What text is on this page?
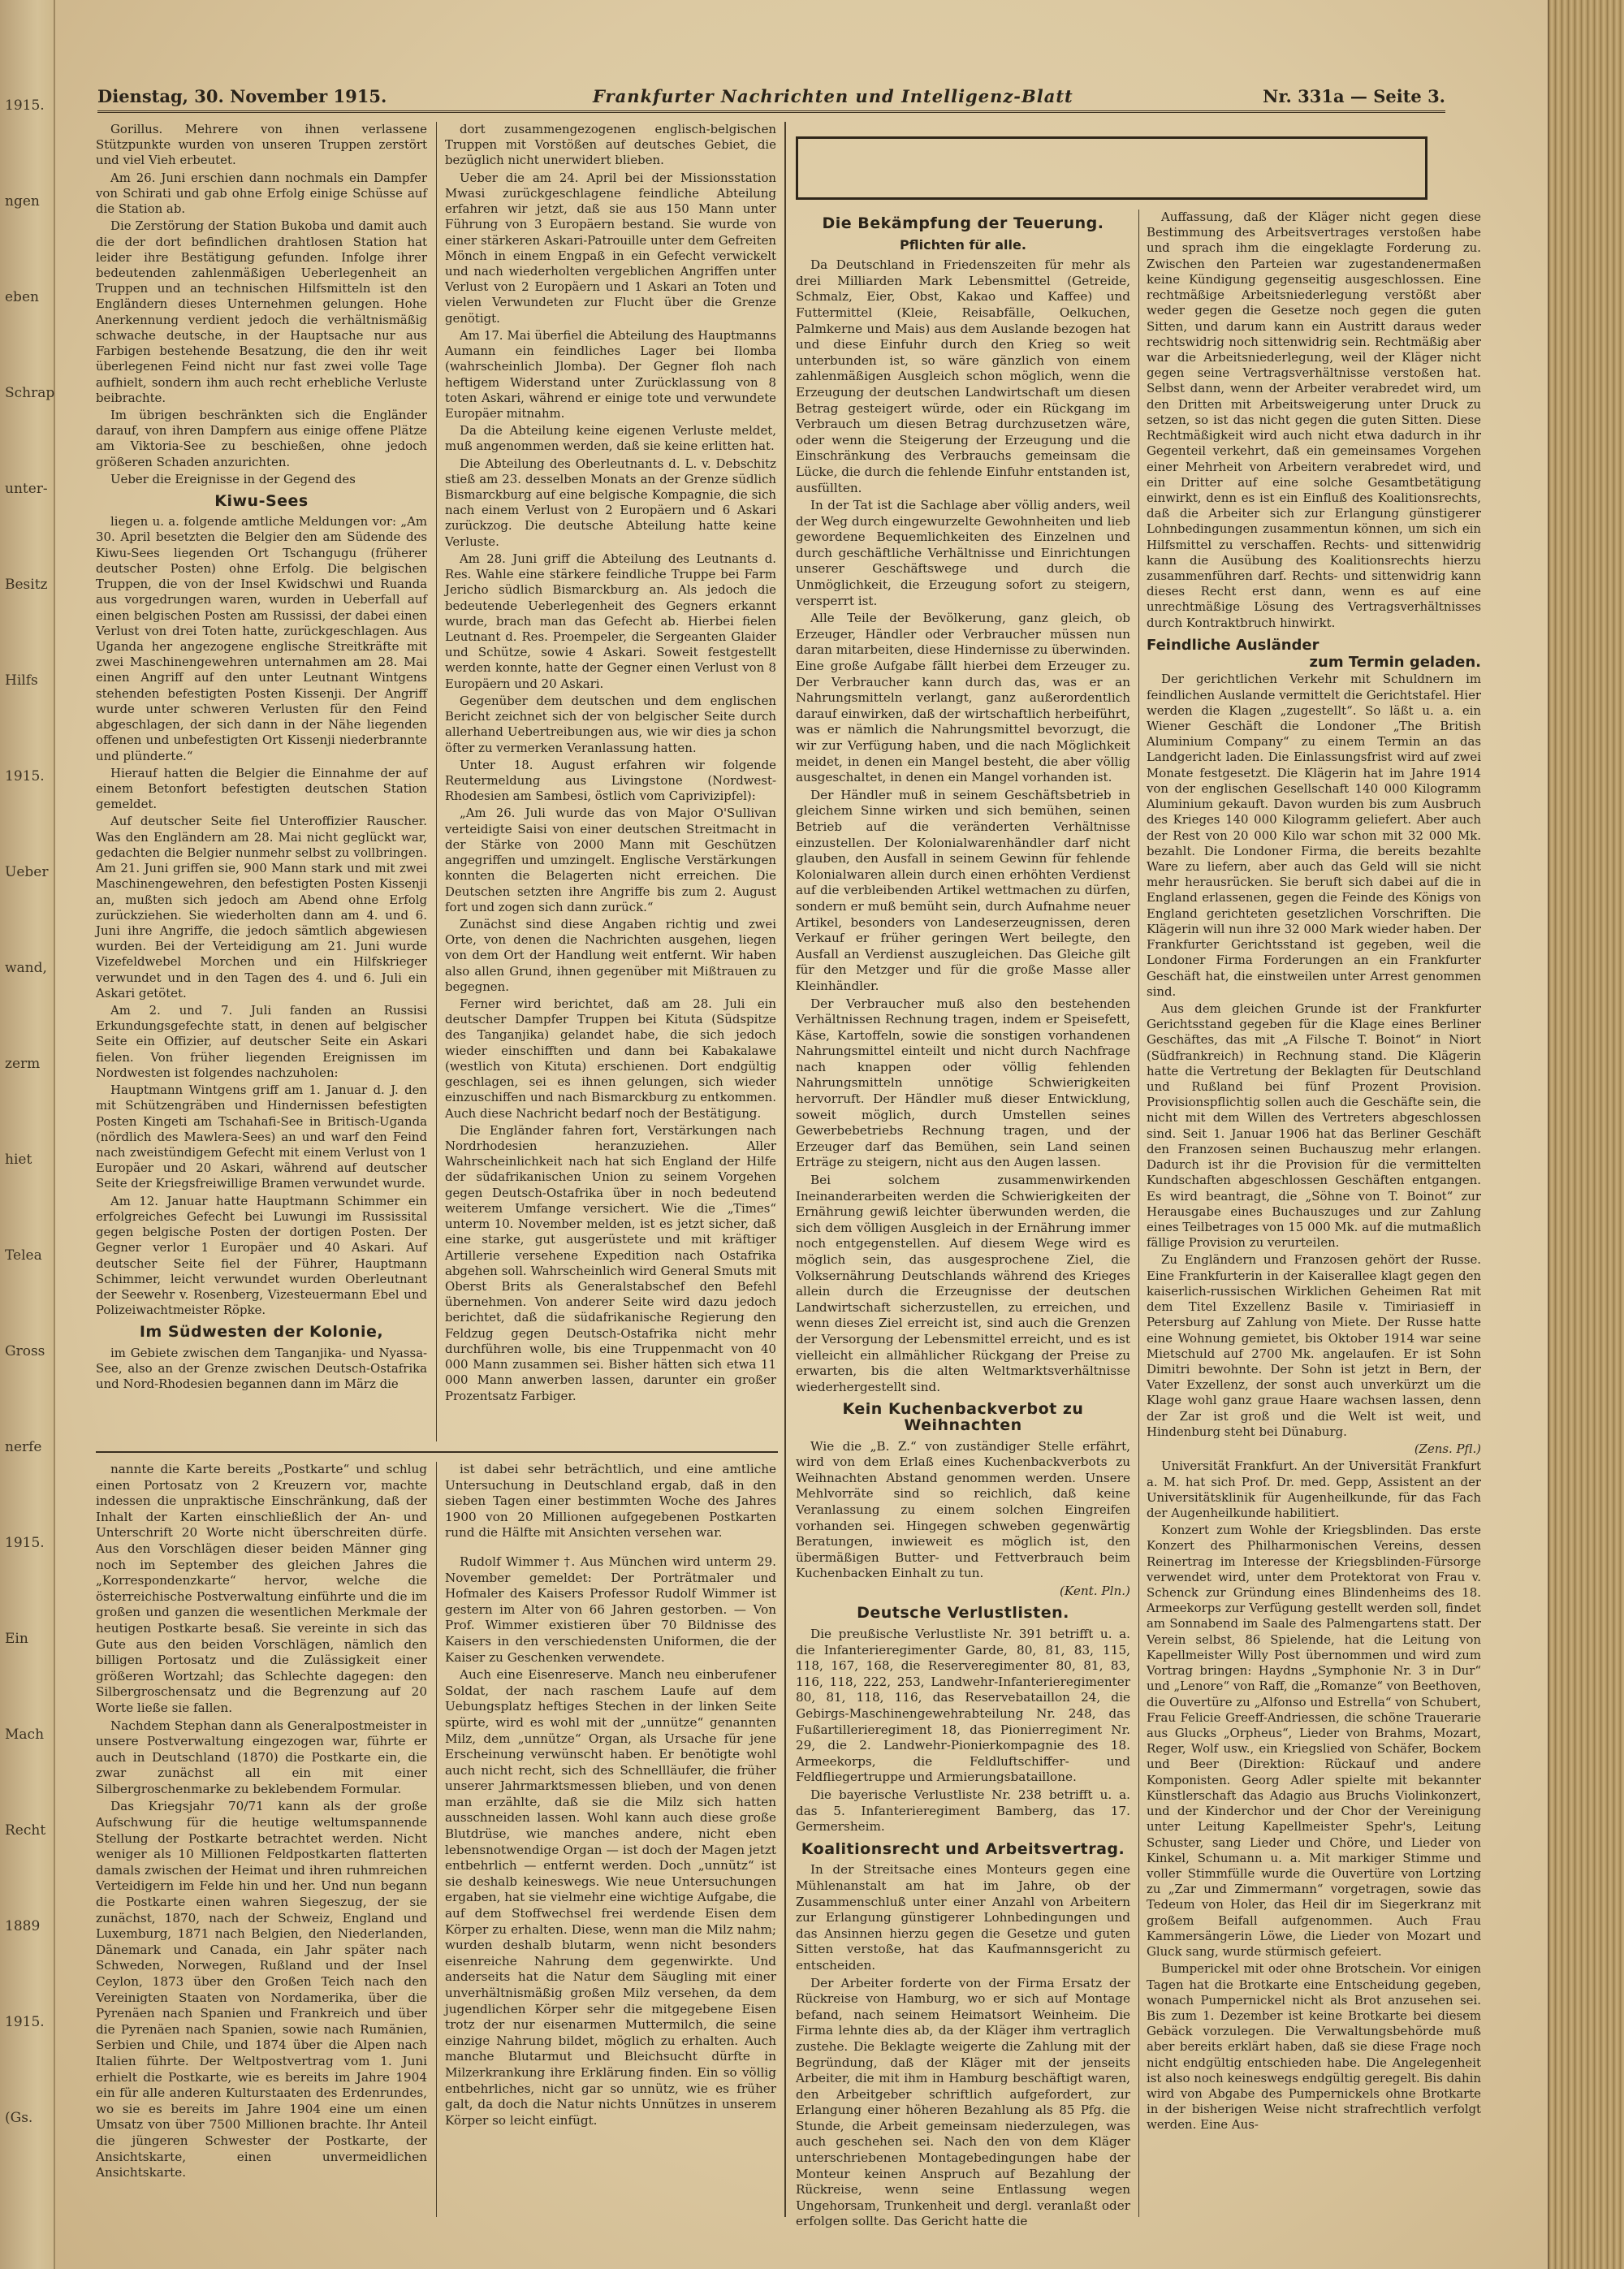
1915.
ngen
eben
Schrap
unter-
Besitz
Hilfs
1915.
Ueber
wand,
zerm
hiet
Telea
Gross
nerfe
1915.
Ein
Mach
Recht
1889
1915.
(Gs.
Dienstag, 30. November 1915.	Frankfurter Nachrichten und Intelligenz-Blatt	Nr. 331a — Seite 3.

Gorillus. Mehrere von ihnen verlassene Stützpunkte wurden von unseren Truppen zerstört und viel Vieh erbeutet.

Am 26. Juni erschien dann nochmals ein Dampfer von Schirati und gab ohne Erfolg einige Schüsse auf die Station ab.

Die Zerstörung der Station Bukoba und damit auch die der dort befindlichen drahtlosen Station hat leider ihre Bestätigung gefunden. Infolge ihrer bedeutenden zahlenmäßigen Ueberlegenheit an Truppen und an technischen Hilfsmitteln ist den Engländern dieses Unternehmen gelungen. Hohe Anerkennung verdient jedoch die verhältnismäßig schwache deutsche, in der Hauptsache nur aus Farbigen bestehende Besatzung, die den ihr weit überlegenen Feind nicht nur fast zwei volle Tage aufhielt, sondern ihm auch recht erhebliche Verluste beibrachte.

Im übrigen beschränkten sich die Engländer darauf, von ihren Dampfern aus einige offene Plätze am Viktoria-See zu beschießen, ohne jedoch größeren Schaden anzurichten.

Ueber die Ereignisse in der Gegend des

Kiwu-Sees

liegen u. a. folgende amtliche Meldungen vor: „Am 30. April besetzten die Belgier den am Südende des Kiwu-Sees liegenden Ort Tschangugu (früherer deutscher Posten) ohne Erfolg. Die belgischen Truppen, die von der Insel Kwidschwi und Ruanda aus vorgedrungen waren, wurden in Ueberfall auf einen belgischen Posten am Russissi, der dabei einen Verlust von drei Toten hatte, zurückgeschlagen. Aus Uganda her angezogene englische Streitkräfte mit zwei Maschinengewehren unternahmen am 28. Mai einen Angriff auf den unter Leutnant Wintgens stehenden befestigten Posten Kissenji. Der Angriff wurde unter schweren Verlusten für den Feind abgeschlagen, der sich dann in der Nähe liegenden offenen und unbefestigten Ort Kissenji niederbrannte und plünderte.“

Hierauf hatten die Belgier die Einnahme der auf einem Betonfort befestigten deutschen Station gemeldet.

Auf deutscher Seite fiel Unteroffizier Rauscher. Was den Engländern am 28. Mai nicht geglückt war, gedachten die Belgier nunmehr selbst zu vollbringen. Am 21. Juni griffen sie, 900 Mann stark und mit zwei Maschinengewehren, den befestigten Posten Kissenji an, mußten sich jedoch am Abend ohne Erfolg zurückziehen. Sie wiederholten dann am 4. und 6. Juni ihre Angriffe, die jedoch sämtlich abgewiesen wurden. Bei der Verteidigung am 21. Juni wurde Vizefeldwebel Morchen und ein Hilfskrieger verwundet und in den Tagen des 4. und 6. Juli ein Askari getötet.

Am 2. und 7. Juli fanden an Russisi Erkundungsgefechte statt, in denen auf belgischer Seite ein Offizier, auf deutscher Seite ein Askari fielen. Von früher liegenden Ereignissen im Nordwesten ist folgendes nachzuholen:

Hauptmann Wintgens griff am 1. Januar d. J. den mit Schützengräben und Hindernissen befestigten Posten Kingeti am Tschahafi-See in Britisch-Uganda (nördlich des Mawlera-Sees) an und warf den Feind nach zweistündigem Gefecht mit einem Verlust von 1 Europäer und 20 Askari, während auf deutscher Seite der Kriegsfreiwillige Bramen verwundet wurde.

Am 12. Januar hatte Hauptmann Schimmer ein erfolgreiches Gefecht bei Luwungi im Russissital gegen belgische Posten der dortigen Posten. Der Gegner verlor 1 Europäer und 40 Askari. Auf deutscher Seite fiel der Führer, Hauptmann Schimmer, leicht verwundet wurden Oberleutnant der Seewehr v. Rosenberg, Vizesteuermann Ebel und Polizeiwachtmeister Röpke.

Im Südwesten der Kolonie,

im Gebiete zwischen dem Tanganjika- und Nyassa-See, also an der Grenze zwischen Deutsch-Ostafrika und Nord-Rhodesien begannen dann im März die

dort zusammengezogenen englisch-belgischen Truppen mit Vorstößen auf deutsches Gebiet, die bezüglich nicht unerwidert blieben.

Ueber die am 24. April bei der Missionsstation Mwasi zurückgeschlagene feindliche Abteilung erfahren wir jetzt, daß sie aus 150 Mann unter Führung von 3 Europäern bestand. Sie wurde von einer stärkeren Askari-Patrouille unter dem Gefreiten Mönch in einem Engpaß in ein Gefecht verwickelt und nach wiederholten vergeblichen Angriffen unter Verlust von 2 Europäern und 1 Askari an Toten und vielen Verwundeten zur Flucht über die Grenze genötigt.

Am 17. Mai überfiel die Abteilung des Hauptmanns Aumann ein feindliches Lager bei Ilomba (wahrscheinlich Jlomba). Der Gegner floh nach heftigem Widerstand unter Zurücklassung von 8 toten Askari, während er einige tote und verwundete Europäer mitnahm.

Da die Abteilung keine eigenen Verluste meldet, muß angenommen werden, daß sie keine erlitten hat.

Die Abteilung des Oberleutnants d. L. v. Debschitz stieß am 23. desselben Monats an der Grenze südlich Bismarckburg auf eine belgische Kompagnie, die sich nach einem Verlust von 2 Europäern und 6 Askari zurückzog. Die deutsche Abteilung hatte keine Verluste.

Am 28. Juni griff die Abteilung des Leutnants d. Res. Wahle eine stärkere feindliche Truppe bei Farm Jericho südlich Bismarckburg an. Als jedoch die bedeutende Ueberlegenheit des Gegners erkannt wurde, brach man das Gefecht ab. Hierbei fielen Leutnant d. Res. Proempeler, die Sergeanten Glaider und Schütze, sowie 4 Askari. Soweit festgestellt werden konnte, hatte der Gegner einen Verlust von 8 Europäern und 20 Askari.

Gegenüber dem deutschen und dem englischen Bericht zeichnet sich der von belgischer Seite durch allerhand Uebertreibungen aus, wie wir dies ja schon öfter zu vermerken Veranlassung hatten.

Unter 18. August erfahren wir folgende Reutermeldung aus Livingstone (Nordwest-Rhodesien am Sambesi, östlich vom Caprivizipfel):

„Am 26. Juli wurde das von Major O'Sullivan verteidigte Saisi von einer deutschen Streitmacht in der Stärke von 2000 Mann mit Geschützen angegriffen und umzingelt. Englische Verstärkungen konnten die Belagerten nicht erreichen. Die Deutschen setzten ihre Angriffe bis zum 2. August fort und zogen sich dann zurück.“

Zunächst sind diese Angaben richtig und zwei Orte, von denen die Nachrichten ausgehen, liegen von dem Ort der Handlung weit entfernt. Wir haben also allen Grund, ihnen gegenüber mit Mißtrauen zu begegnen.

Ferner wird berichtet, daß am 28. Juli ein deutscher Dampfer Truppen bei Kituta (Südspitze des Tanganjika) gelandet habe, die sich jedoch wieder einschifften und dann bei Kabakalawe (westlich von Kituta) erschienen. Dort endgültig geschlagen, sei es ihnen gelungen, sich wieder einzuschiffen und nach Bismarckburg zu entkommen. Auch diese Nachricht bedarf noch der Bestätigung.

Die Engländer fahren fort, Verstärkungen nach Nordrhodesien heranzuziehen. Aller Wahrscheinlichkeit nach hat sich England der Hilfe der südafrikanischen Union zu seinem Vorgehen gegen Deutsch-Ostafrika über in noch bedeutend weiterem Umfange versichert. Wie die „Times“ unterm 10. November melden, ist es jetzt sicher, daß eine starke, gut ausgerüstete und mit kräftiger Artillerie versehene Expedition nach Ostafrika abgehen soll. Wahrscheinlich wird General Smuts mit Oberst Brits als Generalstabschef den Befehl übernehmen. Von anderer Seite wird dazu jedoch berichtet, daß die südafrikanische Regierung den Feldzug gegen Deutsch-Ostafrika nicht mehr durchführen wolle, bis eine Truppenmacht von 40 000 Mann zusammen sei. Bisher hätten sich etwa 11 000 Mann anwerben lassen, darunter ein großer Prozentsatz Farbiger.

nannte die Karte bereits „Postkarte“ und schlug einen Portosatz von 2 Kreuzern vor, machte indessen die unpraktische Einschränkung, daß der Inhalt der Karten einschließlich der An- und Unterschrift 20 Worte nicht überschreiten dürfe. Aus den Vorschlägen dieser beiden Männer ging noch im September des gleichen Jahres die „Korrespondenzkarte“ hervor, welche die österreichische Postverwaltung einführte und die im großen und ganzen die wesentlichen Merkmale der heutigen Postkarte besaß. Sie vereinte in sich das Gute aus den beiden Vorschlägen, nämlich den billigen Portosatz und die Zulässigkeit einer größeren Wortzahl; das Schlechte dagegen: den Silbergroschensatz und die Begrenzung auf 20 Worte ließe sie fallen.

Nachdem Stephan dann als Generalpostmeister in unsere Postverwaltung eingezogen war, führte er auch in Deutschland (1870) die Postkarte ein, die zwar zunächst all ein mit einer Silbergroschenmarke zu beklebendem Formular.

Das Kriegsjahr 70/71 kann als der große Aufschwung für die heutige weltumspannende Stellung der Postkarte betrachtet werden. Nicht weniger als 10 Millionen Feldpostkarten flatterten damals zwischen der Heimat und ihren ruhmreichen Verteidigern im Felde hin und her. Und nun begann die Postkarte einen wahren Siegeszug, der sie zunächst, 1870, nach der Schweiz, England und Luxemburg, 1871 nach Belgien, den Niederlanden, Dänemark und Canada, ein Jahr später nach Schweden, Norwegen, Rußland und der Insel Ceylon, 1873 über den Großen Teich nach den Vereinigten Staaten von Nordamerika, über die Pyrenäen nach Spanien und Frankreich und über die Pyrenäen nach Spanien, sowie nach Rumänien, Serbien und Chile, und 1874 über die Alpen nach Italien führte. Der Weltpostvertrag vom 1. Juni erhielt die Postkarte, wie es bereits im Jahre 1904 ein für alle anderen Kulturstaaten des Erdenrundes, wo sie es bereits im Jahre 1904 eine um einen Umsatz von über 7500 Millionen brachte. Ihr Anteil die jüngeren Schwester der Postkarte, der Ansichtskarte, einen unvermeidlichen Ansichtskarte.

ist dabei sehr beträchtlich, und eine amtliche Untersuchung in Deutschland ergab, daß in den sieben Tagen einer bestimmten Woche des Jahres 1900 von 20 Millionen aufgegebenen Postkarten rund die Hälfte mit Ansichten versehen war.

Rudolf Wimmer †. Aus München wird unterm 29. November gemeldet: Der Porträtmaler und Hofmaler des Kaisers Professor Rudolf Wimmer ist gestern im Alter von 66 Jahren gestorben. — Von Prof. Wimmer existieren über 70 Bildnisse des Kaisers in den verschiedensten Uniformen, die der Kaiser zu Geschenken verwendete.

Auch eine Eisenreserve. Manch neu einberufener Soldat, der nach raschem Laufe auf dem Uebungsplatz heftiges Stechen in der linken Seite spürte, wird es wohl mit der „unnütze“ genannten Milz, dem „unnütze“ Organ, als Ursache für jene Erscheinung verwünscht haben. Er benötigte wohl auch nicht recht, sich des Schnellläufer, die früher unserer Jahrmarktsmessen blieben, und von denen man erzählte, daß sie die Milz sich hatten ausschneiden lassen. Wohl kann auch diese große Blutdrüse, wie manches andere, nicht eben lebensnotwendige Organ — ist doch der Magen jetzt entbehrlich — entfernt werden. Doch „unnütz“ ist sie deshalb keineswegs. Wie neue Untersuchungen ergaben, hat sie vielmehr eine wichtige Aufgabe, die auf dem Stoffwechsel frei werdende Eisen dem Körper zu erhalten. Diese, wenn man die Milz nahm; wurden deshalb blutarm, wenn nicht besonders eisenreiche Nahrung dem gegenwirkte. Und anderseits hat die Natur dem Säugling mit einer unverhältnismäßig großen Milz versehen, da dem jugendlichen Körper sehr die mitgegebene Eisen trotz der nur eisenarmen Muttermilch, die seine einzige Nahrung bildet, möglich zu erhalten. Auch manche Blutarmut und Bleichsucht dürfte in Milzerkrankung ihre Erklärung finden. Ein so völlig entbehrliches, nicht gar so unnütz, wie es früher galt, da doch die Natur nichts Unnützes in unserem Körper so leicht einfügt.

Die Bekämpfung der Teuerung.
Pflichten für alle.

Da Deutschland in Friedenszeiten für mehr als drei Milliarden Mark Lebensmittel (Getreide, Schmalz, Eier, Obst, Kakao und Kaffee) und Futtermittel (Kleie, Reisabfälle, Oelkuchen, Palmkerne und Mais) aus dem Auslande bezogen hat und diese Einfuhr durch den Krieg so weit unterbunden ist, so wäre gänzlich von einem zahlenmäßigen Ausgleich schon möglich, wenn die Erzeugung der deutschen Landwirtschaft um diesen Betrag gesteigert würde, oder ein Rückgang im Verbrauch um diesen Betrag durchzusetzen wäre, oder wenn die Steigerung der Erzeugung und die Einschränkung des Verbrauchs gemeinsam die Lücke, die durch die fehlende Einfuhr entstanden ist, ausfüllten.

In der Tat ist die Sachlage aber völlig anders, weil der Weg durch eingewurzelte Gewohnheiten und lieb gewordene Bequemlichkeiten des Einzelnen und durch geschäftliche Verhältnisse und Einrichtungen unserer Geschäftswege und durch die Unmöglichkeit, die Erzeugung sofort zu steigern, versperrt ist.

Alle Teile der Bevölkerung, ganz gleich, ob Erzeuger, Händler oder Verbraucher müssen nun daran mitarbeiten, diese Hindernisse zu überwinden. Eine große Aufgabe fällt hierbei dem Erzeuger zu. Der Verbraucher kann durch das, was er an Nahrungsmitteln verlangt, ganz außerordentlich darauf einwirken, daß der wirtschaftlich herbeiführt, was er nämlich die Nahrungsmittel bevorzugt, die wir zur Verfügung haben, und die nach Möglichkeit meidet, in denen ein Mangel besteht, die aber völlig ausgeschaltet, in denen ein Mangel vorhanden ist.

Der Händler muß in seinem Geschäftsbetrieb in gleichem Sinne wirken und sich bemühen, seinen Betrieb auf die veränderten Verhältnisse einzustellen. Der Kolonialwarenhändler darf nicht glauben, den Ausfall in seinem Gewinn für fehlende Kolonialwaren allein durch einen erhöhten Verdienst auf die verbleibenden Artikel wettmachen zu dürfen, sondern er muß bemüht sein, durch Aufnahme neuer Artikel, besonders von Landeserzeugnissen, deren Verkauf er früher geringen Wert beilegte, den Ausfall an Verdienst auszugleichen. Das Gleiche gilt für den Metzger und für die große Masse aller Kleinhändler.

Der Verbraucher muß also den bestehenden Verhältnissen Rechnung tragen, indem er Speisefett, Käse, Kartoffeln, sowie die sonstigen vorhandenen Nahrungsmittel einteilt und nicht durch Nachfrage nach knappen oder völlig fehlenden Nahrungsmitteln unnötige Schwierigkeiten hervorruft. Der Händler muß dieser Entwicklung, soweit möglich, durch Umstellen seines Gewerbebetriebs Rechnung tragen, und der Erzeuger darf das Bemühen, sein Land seinen Erträge zu steigern, nicht aus den Augen lassen.

Bei solchem zusammenwirkenden Ineinanderarbeiten werden die Schwierigkeiten der Ernährung gewiß leichter überwunden werden, die sich dem völligen Ausgleich in der Ernährung immer noch entgegenstellen. Auf diesem Wege wird es möglich sein, das ausgesprochene Ziel, die Volksernährung Deutschlands während des Krieges allein durch die Erzeugnisse der deutschen Landwirtschaft sicherzustellen, zu erreichen, und wenn dieses Ziel erreicht ist, sind auch die Grenzen der Versorgung der Lebensmittel erreicht, und es ist vielleicht ein allmählicher Rückgang der Preise zu erwarten, bis die alten Weltmarktsverhältnisse wiederhergestellt sind.

Kein Kuchenbackverbot zu Weihnachten

Wie die „B. Z.“ von zuständiger Stelle erfährt, wird von dem Erlaß eines Kuchenbackverbots zu Weihnachten Abstand genommen werden. Unsere Mehlvorräte sind so reichlich, daß keine Veranlassung zu einem solchen Eingreifen vorhanden sei. Hingegen schweben gegenwärtig Beratungen, inwieweit es möglich ist, den übermäßigen Butter- und Fettverbrauch beim Kuchenbacken Einhalt zu tun.

(Kent. Pln.)

Deutsche Verlustlisten.

Die preußische Verlustliste Nr. 391 betrifft u. a. die Infanterieregimenter Garde, 80, 81, 83, 115, 118, 167, 168, die Reserveregimenter 80, 81, 83, 116, 118, 222, 253, Landwehr-Infanterieregimenter 80, 81, 118, 116, das Reservebataillon 24, die Gebirgs-Maschinengewehrabteilung Nr. 248, das Fußartillerieregiment 18, das Pionierregiment Nr. 29, die 2. Landwehr-Pionierkompagnie des 18. Armeekorps, die Feldluftschiffer- und Feldfliegertruppe und Armierungsbataillone.

Die bayerische Verlustliste Nr. 238 betrifft u. a. das 5. Infanterieregiment Bamberg, das 17. Germersheim.

Koalitionsrecht und Arbeitsvertrag.

In der Streitsache eines Monteurs gegen eine Mühlenanstalt am hat im Jahre, ob der Zusammenschluß unter einer Anzahl von Arbeitern zur Erlangung günstigerer Lohnbedingungen und das Ansinnen hierzu gegen die Gesetze und guten Sitten verstoße, hat das Kaufmannsgericht zu entscheiden.

Der Arbeiter forderte von der Firma Ersatz der Rückreise von Hamburg, wo er sich auf Montage befand, nach seinem Heimatsort Weinheim. Die Firma lehnte dies ab, da der Kläger ihm vertraglich zustehe. Die Beklagte weigerte die Zahlung mit der Begründung, daß der Kläger mit der jenseits Arbeiter, die mit ihm in Hamburg beschäftigt waren, den Arbeitgeber schriftlich aufgefordert, zur Erlangung einer höheren Bezahlung als 85 Pfg. die Stunde, die Arbeit gemeinsam niederzulegen, was auch geschehen sei. Nach den von dem Kläger unterschriebenen Montagebedingungen habe der Monteur keinen Anspruch auf Bezahlung der Rückreise, wenn seine Entlassung wegen Ungehorsam, Trunkenheit und dergl. veranlaßt oder erfolgen sollte. Das Gericht hatte die

Auffassung, daß der Kläger nicht gegen diese Bestimmung des Arbeitsvertrages verstoßen habe und sprach ihm die eingeklagte Forderung zu. Zwischen den Parteien war zugestandenermaßen keine Kündigung gegenseitig ausgeschlossen. Eine rechtmäßige Arbeitsniederlegung verstößt aber weder gegen die Gesetze noch gegen die guten Sitten, und darum kann ein Austritt daraus weder rechtswidrig noch sittenwidrig sein. Rechtmäßig aber war die Arbeitsniederlegung, weil der Kläger nicht gegen seine Vertragsverhältnisse verstoßen hat. Selbst dann, wenn der Arbeiter verabredet wird, um den Dritten mit Arbeitsweigerung unter Druck zu setzen, so ist das nicht gegen die guten Sitten. Diese Rechtmäßigkeit wird auch nicht etwa dadurch in ihr Gegenteil verkehrt, daß ein gemeinsames Vorgehen einer Mehrheit von Arbeitern verabredet wird, und ein Dritter auf eine solche Gesamtbetätigung einwirkt, denn es ist ein Einfluß des Koalitionsrechts, daß die Arbeiter sich zur Erlangung günstigerer Lohnbedingungen zusammentun können, um sich ein Hilfsmittel zu verschaffen. Rechts- und sittenwidrig kann die Ausübung des Koalitionsrechts hierzu zusammenführen darf. Rechts- und sittenwidrig kann dieses Recht erst dann, wenn es auf eine unrechtmäßige Lösung des Vertragsverhältnisses durch Kontraktbruch hinwirkt.

Feindliche Ausländer
zum Termin geladen.

Der gerichtlichen Verkehr mit Schuldnern im feindlichen Auslande vermittelt die Gerichtstafel. Hier werden die Klagen „zugestellt“. So läßt u. a. ein Wiener Geschäft die Londoner „The British Aluminium Company“ zu einem Termin an das Landgericht laden. Die Einlassungsfrist wird auf zwei Monate festgesetzt. Die Klägerin hat im Jahre 1914 von der englischen Gesellschaft 140 000 Kilogramm Aluminium gekauft. Davon wurden bis zum Ausbruch des Krieges 140 000 Kilogramm geliefert. Aber auch der Rest von 20 000 Kilo war schon mit 32 000 Mk. bezahlt. Die Londoner Firma, die bereits bezahlte Ware zu liefern, aber auch das Geld will sie nicht mehr herausrücken. Sie beruft sich dabei auf die in England erlassenen, gegen die Feinde des Königs von England gerichteten gesetzlichen Vorschriften. Die Klägerin will nun ihre 32 000 Mark wieder haben. Der Frankfurter Gerichtsstand ist gegeben, weil die Londoner Firma Forderungen an ein Frankfurter Geschäft hat, die einstweilen unter Arrest genommen sind.

Aus dem gleichen Grunde ist der Frankfurter Gerichtsstand gegeben für die Klage eines Berliner Geschäftes, das mit „A Filsche T. Boinot“ in Niort (Südfrankreich) in Rechnung stand. Die Klägerin hatte die Vertretung der Beklagten für Deutschland und Rußland bei fünf Prozent Provision. Provisionspflichtig sollen auch die Geschäfte sein, die nicht mit dem Willen des Vertreters abgeschlossen sind. Seit 1. Januar 1906 hat das Berliner Geschäft den Franzosen seinen Buchauszug mehr erlangen. Dadurch ist ihr die Provision für die vermittelten Kundschaften abgeschlossen Geschäften entgangen. Es wird beantragt, die „Söhne von T. Boinot“ zur Herausgabe eines Buchauszuges und zur Zahlung eines Teilbetrages von 15 000 Mk. auf die mutmaßlich fällige Provision zu verurteilen.

Zu Engländern und Franzosen gehört der Russe. Eine Frankfurterin in der Kaiserallee klagt gegen den kaiserlich-russischen Wirklichen Geheimen Rat mit dem Titel Exzellenz Basile v. Timiriasieff in Petersburg auf Zahlung von Miete. Der Russe hatte eine Wohnung gemietet, bis Oktober 1914 war seine Mietschuld auf 2700 Mk. angelaufen. Er ist Sohn Dimitri bewohnte. Der Sohn ist jetzt in Bern, der Vater Exzellenz, der sonst auch unverkürzt um die Klage wohl ganz graue Haare wachsen lassen, denn der Zar ist groß und die Welt ist weit, und Hindenburg steht bei Dünaburg.

(Zens. Pfl.)

Universität Frankfurt. An der Universität Frankfurt a. M. hat sich Prof. Dr. med. Gepp, Assistent an der Universitätsklinik für Augenheilkunde, für das Fach der Augenheilkunde habilitiert.

Konzert zum Wohle der Kriegsblinden. Das erste Konzert des Philharmonischen Vereins, dessen Reinertrag im Interesse der Kriegsblinden-Fürsorge verwendet wird, unter dem Protektorat von Frau v. Schenck zur Gründung eines Blindenheims des 18. Armeekorps zur Verfügung gestellt werden soll, findet am Sonnabend im Saale des Palmengartens statt. Der Verein selbst, 86 Spielende, hat die Leitung von Kapellmeister Willy Post übernommen und wird zum Vortrag bringen: Haydns „Symphonie Nr. 3 in Dur“ und „Lenore“ von Raff, die „Romanze“ von Beethoven, die Ouvertüre zu „Alfonso und Estrella“ von Schubert, Frau Felicie Greeff-Andriessen, die schöne Trauerarie aus Glucks „Orpheus“, Lieder von Brahms, Mozart, Reger, Wolf usw., ein Kriegslied von Schäfer, Bockem und Beer (Direktion: Rückauf und andere Komponisten. Georg Adler spielte mit bekannter Künstlerschaft das Adagio aus Bruchs Violinkonzert, und der Kinderchor und der Chor der Vereinigung unter Leitung Kapellmeister Spehr's, Leitung Schuster, sang Lieder und Chöre, und Lieder von Kinkel, Schumann u. a. Mit markiger Stimme und voller Stimmfülle wurde die Ouvertüre von Lortzing zu „Zar und Zimmermann“ vorgetragen, sowie das Tedeum von Holer, das Heil dir im Siegerkranz mit großem Beifall aufgenommen. Auch Frau Kammersängerin Löwe, die Lieder von Mozart und Gluck sang, wurde stürmisch gefeiert.

Bumperickel mit oder ohne Brotschein. Vor einigen Tagen hat die Brotkarte eine Entscheidung gegeben, wonach Pumpernickel nicht als Brot anzusehen sei. Bis zum 1. Dezember ist keine Brotkarte bei diesem Gebäck vorzulegen. Die Verwaltungsbehörde muß aber bereits erklärt haben, daß sie diese Frage noch nicht endgültig entschieden habe. Die Angelegenheit ist also noch keineswegs endgültig geregelt. Bis dahin wird von Abgabe des Pumpernickels ohne Brotkarte in der bisherigen Weise nicht strafrechtlich verfolgt werden. Eine Aus-
